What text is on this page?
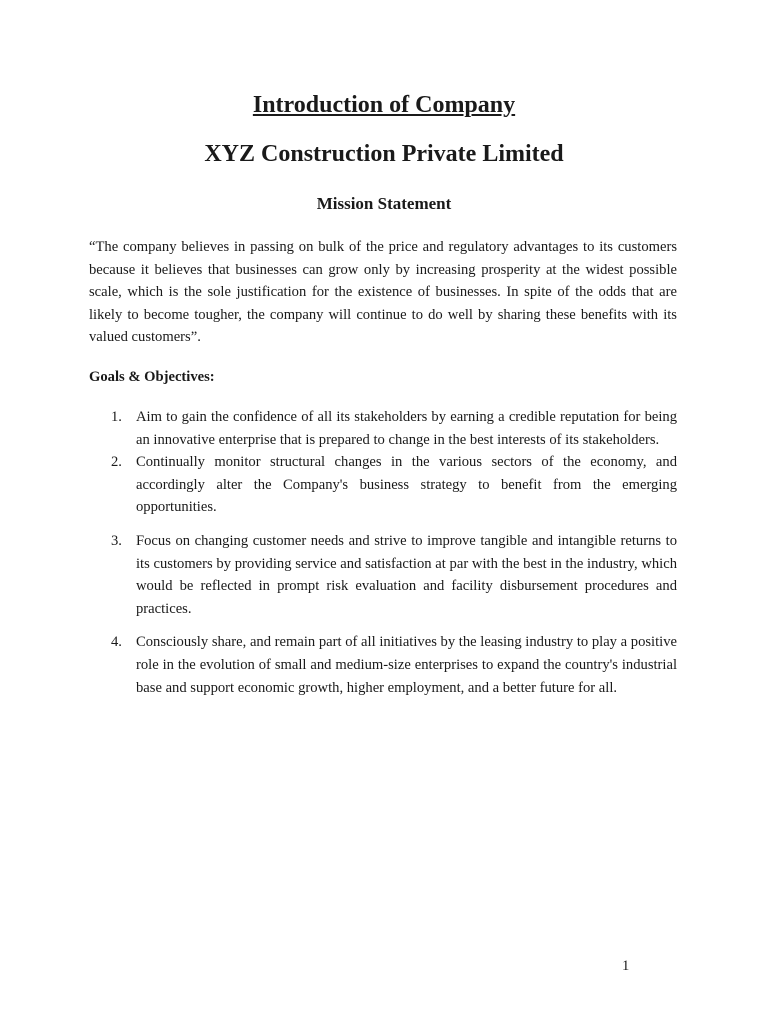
Introduction of Company
XYZ Construction Private Limited
Mission Statement

“The company believes in passing on bulk of the price and regulatory advantages to its customers because it believes that businesses can grow only by increasing prosperity at the widest possible scale, which is the sole justification for the existence of businesses. In spite of the odds that are likely to become tougher, the company will continue to do well by sharing these benefits with its valued customers”.

Goals & Objectives:

1. Aim to gain the confidence of all its stakeholders by earning a credible reputation for being an innovative enterprise that is prepared to change in the best interests of its stakeholders.
2. Continually monitor structural changes in the various sectors of the economy, and accordingly alter the Company's business strategy to benefit from the emerging opportunities.
3. Focus on changing customer needs and strive to improve tangible and intangible returns to its customers by providing service and satisfaction at par with the best in the industry, which would be reflected in prompt risk evaluation and facility disbursement procedures and practices.
4. Consciously share, and remain part of all initiatives by the leasing industry to play a positive role in the evolution of small and medium-size enterprises to expand the country's industrial base and support economic growth, higher employment, and a better future for all.

1
